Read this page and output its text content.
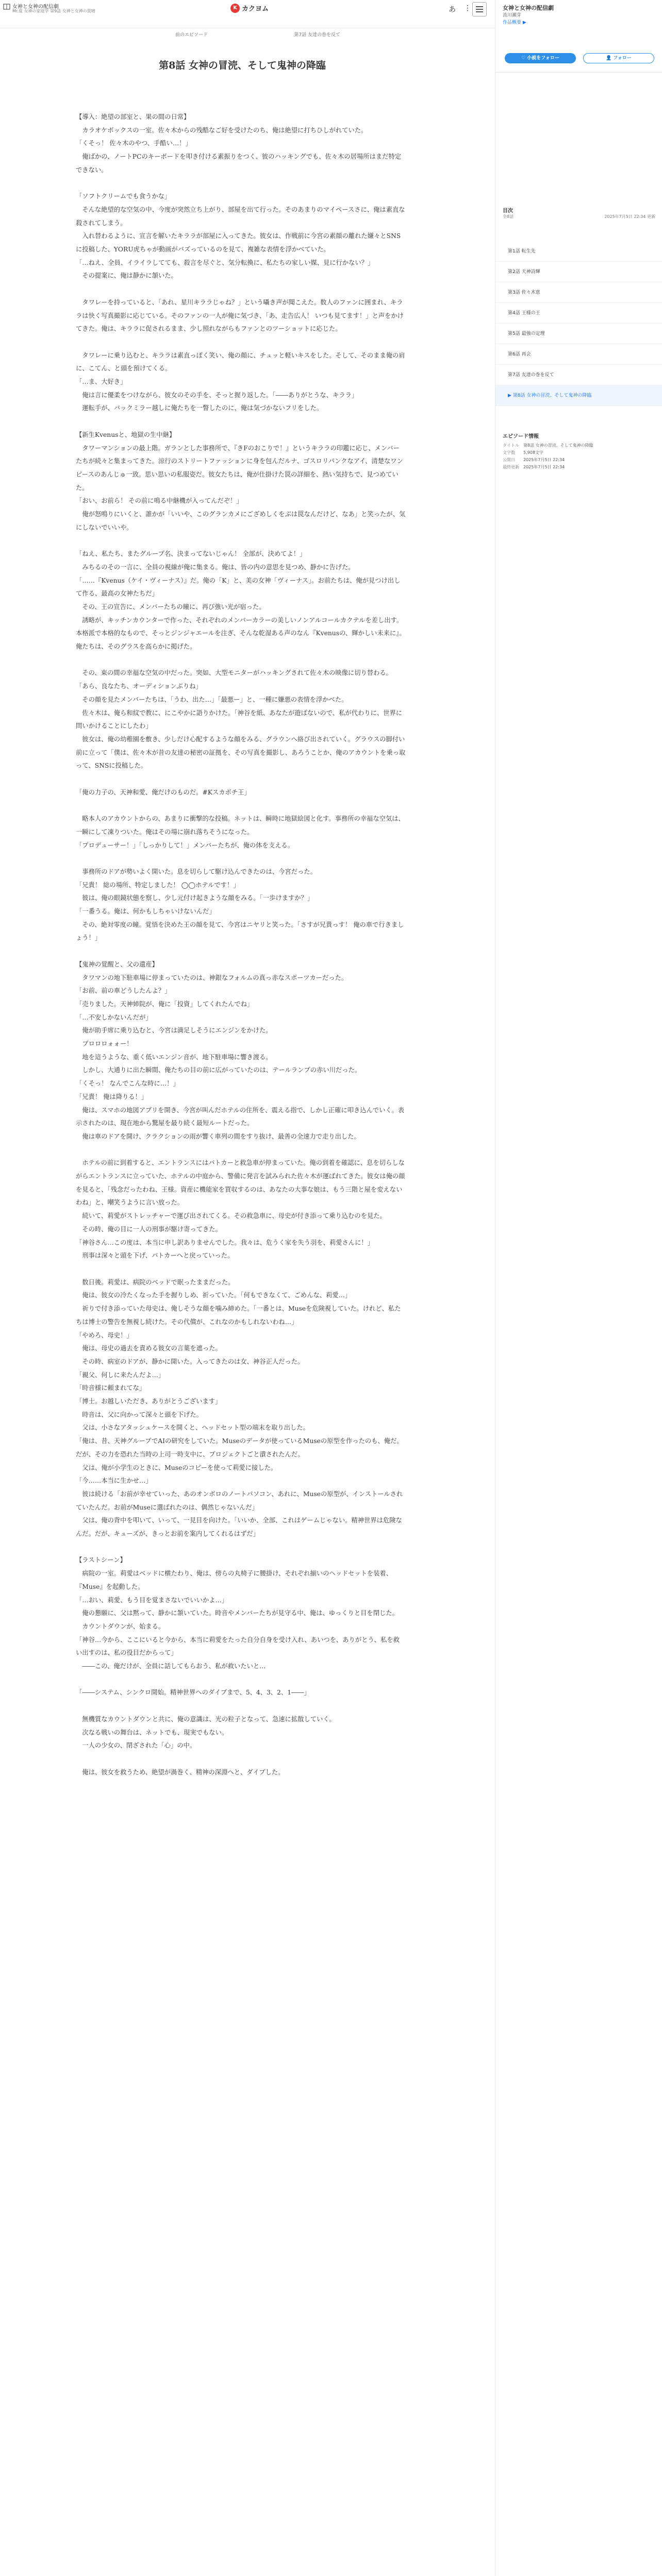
女神と女神の配信劇
Mr.夏 女神の家庭学 第9話 女神と女神の賀晴
K カクヨム	あ ⋮
前のエピソード	第7話 友達の巻を反て
第8話 女神の冒涜、そして鬼神の降臨

【導入：絶望の部室と、果の間の日常】

　カラオケボックスの一室。佐々木からの残酷なご好を受けたのち、俺は絶望に打ちひしがれていた。

「くそっ！ 佐々木のやつ、手酷い…！」

　俺ばかの、ノートPCのキーボードを叩き付ける素振りをつく、彼のハッキングでも、佐々木の居場所はまだ特定できない。

「ソフトクリームでも食うかな」

　そんな絶望的な空気の中、今度が突然立ち上がり、部屋を出て行った。そのあまりのマイペースさに、俺は素直な殺されてしまう。

　入れ替わるように、宣言を解いたキララが部屋に入ってきた。彼女は、作戦前に今宮の素顔の離れた嫌々とSNSに投稿した、YORU虎ちゃが動画がバズっているのを見て、複雑な表情を浮かべていた。

「…ねえ、全員、イライラしてても、殺言を尽ぐと、気分転換に、私たちの家しい媒、見に行かない？」

　その提案に、俺は静かに頷いた。

　タワレーを持っていると、「あれ、星川キララじゃね？」という囁き声が聞こえた。数人のファンに囲まれ、キララは快く写真撮影に応じている。そのファンの一人が俺に気づき、「あ、走告広人！ いつも見てます！」と声をかけてきた。俺は、キララに促されるまま、少し照れながらもファンとのツーショットに応じた。

　タワレーに乗り込むと、キララは素直っぽく笑い、俺の顔に、チュッと軽いキスをした。そして、そのまま俺の肩に、こてん、と頭を預けてくる。

「…ま、大好き」

　俺は言に優柔をつけながら、彼女のその手を、そっと握り返した。「――ありがとうな、キララ」

　運転手が、バックミラー越しに俺たちを一瞥したのに、俺は気づかないフリをした。

【新生Kvenusと、地獄の生中継】

　タワーマンションの最上階。ガランとした事務所で、『きFのおこりで！』というキララの印鑑に応じ、メンバーたちが続々と集まってきた。涼行のストリートファッションに身を包んだルナ、ゴスロリパンクなアイ、清楚なワンピースのあんじゅ一致。思い思いの私服姿だ。彼女たちは、俺が仕掛けた罠の詳細を、熱い気持ちで、見つめていた。

「おい、お前ら！ その前に鳴る中継機が入ってんだぞ！」

　俺が怒鳴りにいくと、誰かが「いいや、このグランカメにござめしくをぶは罠なんだけど、なあ」と笑ったが、気にしないでいいや。

「ねえ、私たち、またグループ名、決まってないじゃん！ 全部が、決めてよ！」

　みちるのその一言に、全員の視線が俺に集まる。俺は、皆の内の意思を見つめ、静かに告げた。

「……『Kvenus（ケイ・ヴィーナス）』だ。俺の「K」と、美の女神「ヴィーナス」。お前たちは、俺が見つけ出して作る、最高の女神たちだ」

　その、王の宣告に、メンバーたちの瞳に、再び強い光が宿った。

　誘略が、キッチンカウンターで作った、それぞれのメンバーカラーの美しいノンアルコールカクテルを差し出す。本格派で本格的なもので、そっとジンジャエールを注ぎ、そんな乾湿ある声のなん『Kvenusの、輝かしい未来に』。俺たちは、そのグラスを高らかに掲げた。

　その、束の間の幸福な空気の中だった。突如、大型モニターがハッキングされて佐々木の映像に切り替わる。

「あら、良なたち、オーディションぶりね」

　その顔を見たメンバーたちは、「うわ、出た…」「最悪ー」と、一種に嫌悪の表情を浮かべた。

　佐々木は、俺ら和紋で教に、にこやかに語りかけた。「神谷を紙、あなたが遊ばないので、私が代わりに、世界に問いかけることにしたわ」

　彼女は、俺の幼稚園を敷き、少しだけ心配するような顔をみる、グラウンへ絡び出されていく。グラウスの脚付い前に立って「僕は、佐々木が昔の友達の秘密の証拠を、その写真を撮影し、あろうことか、俺のアカウントを乗っ取って、SNSに投稿した。

「俺の力子の、天神和愛、俺だけのものだ。#Kスカボチ王」

　略本人のアカウントからの、あまりに衝撃的な投稿。ネットは、瞬時に地獄絵図と化す。事務所の幸福な空気は、一瞬にして凍りついた。俺はその場に崩れ落ちそうになった。

「プロデューサー！」「しっかりして！」メンバーたちが、俺の体を支える。

　事務所のドアが勢いよく開いた。息を切らして駆け込んできたのは、今宮だった。

「兄貴！ 総の場所、特定しました！ ◯◯ホテルです！」

　彼は、俺の眼鏡状態を察し、少し元付け起きような顔をみる。「一歩けますか？」

「一番うる。俺は、何かもしちゃいけないんだ」

　その、絶対零度の瞳。覚悟を決めた王の顔を見て、今宮はニヤリと笑った。「さすが兄貴っす！ 俺の車で行きましょう！」

【鬼神の覚醒と、父の遺産】

　タワマンの地下駐車場に停まっていたのは、神銀なフォルムの真っ赤なスポーツカーだった。

「お前、前の車どうしたんよ？」

「売りました。天神姉院が、俺に「投資」してくれたんでね」

「…不安しかないんだが」

　俺が助手席に乗り込むと、今宮は満足しそうにエンジンをかけた。

　ブロロロォォー！

　地を這うような、重く低いエンジン音が、地下駐車場に響き渡る。

　しかし、大通りに出た瞬間、俺たちの目の前に広がっていたのは、テールランプの赤い川だった。

「くそっ！ なんでこんな時に…！」

「兄貴！ 俺は降りる！」

　俺は、スマホの地図アプリを開き、今宮が叫んだホテルの住所を、震える指で、しかし正確に叩き込んでいく。表示されたのは、現在地から驚屋を最り続く最短ルートだった。

　俺は車のドアを開け、クラクションの雨が響く車列の間をすり抜け、最善の全速力で走り出した。

　ホテルの前に到着すると、エントランスにはパトカーと救急車が停まっていた。俺の到着を確認に、息を切らしながらエントランスに立っていた、ホテルの中庭から、警備に発言を試みられた佐々木が運ばれてきた。彼女は俺の顔を見ると、「残念だったわね、王様。資産に機能家を買収するのは、あなたの大事な娘は、もう三階と屋を変えないわね」と、嘲笑うように言い放った。

　続いて、莉愛がストレッチャーで運び出されてくる。その救急車に、母史が付き添って乗り込むのを見た。

　その時、俺の目に一人の刑事が駆け寄ってきた。

「神谷さん…この度は、本当に申し訳ありませんでした。我々は、危うく家を失う羽を、莉愛さんに！」

　刑事は深々と頭を下げ、パトカーへと戻っていった。

　数日後。莉愛は、病院のベッドで眠ったままだった。

　俺は、彼女の冷たくなった手を握りしめ、祈っていた。「何もできなくて、ごめんな、莉愛…」

　祈りで付き添っていた母史は、俺しそうな顔を噛み締めた。「一番とは、Museを危険視していた。けれど、私たちは博士の警告を無視し続けた。その代償が、これなのかもしれないわね…」

「やめろ、母史！」

　俺は、母史の過去を責める彼女の言葉を遮った。

　その時、病室のドアが、静かに開いた。入ってきたのは女、神谷正人だった。

「親父、何しに来たんだよ…」

「時音様に頼まれてな」

「博士。お越しいただき、ありがとうございます」

　時音は、父に向かって深々と頭を下げた。

　父は、小さなアタッシュケースを開くと、ヘッドセット型の端末を取り出した。

「俺は、昔、天神グループでAIの研究をしていた。Museのデータが使っているMuseの原型を作ったのも、俺だ。だが、その力を恐れた当時の上司一時支中に、プロジェクトごと潰されたんだ。

　父は、俺が小学生のときに、Museのコピーを使って莉愛に接した。

「今……本当に生かせ…」

　彼は続ける「お前が幸せていった、あのオンボロのノートパソコン、あれに、Museの原型が、インストールされていたんだ。お前がMuseに選ばれたのは、偶然じゃないんだ」

　父は、俺の背中を叩いて、いって、一見目を向けた。「いいか、全部、これはゲームじゃない。精神世界は危険なんだ。だが、キューズが、きっとお前を案内してくれるはずだ」

【ラストシーン】

　病院の一室。莉愛はベッドに横たわり、俺は、傍らの丸椅子に腰掛け、それぞれ揃いのヘッドセットを装着、『Muse』を起動した。

「…おい、莉愛、もう目を覚まさないでいいかよ…」

　俺の懇願に、父は黙って、静かに頷いていた。時音やメンバーたちが見守る中、俺は、ゆっくりと目を閉じた。

　カウントダウンが、始まる。

「神谷…今から、ここにいると今から、本当に莉愛をたった自分自身を受け入れ、あいつを、ありがとう、私を救い出すのは、私の役目だからって」

　――この、俺だけが、全員に話してもらおう、私が救いたいと…

「――システム、シンクロ開始。精神世界へのダイブまで、5、4、3、2、1――」

　無機質なカウントダウンと共に、俺の意識は、光の粒子となって、急速に拡散していく。

　次なる戦いの舞台は、ネットでも、現実でもない。

　一人の少女の、閉ざされた「心」の中。

　俺は、彼女を救うため、絶望が渦巻く、精神の深淵へと、ダイブした。

女神と女神の配信劇
流川瀬芽
作品概要 ▶
♡ 小説をフォロー	👤 フォロー
目次
全8話	2025年7月5日 22:34 更新
第1話 転生先
第2話 天神詩輝
第3話 佐々木恵
第4話 王様の王
第5話 最強の定理
第6話 再会
第7話 友達の巻を反て
▶ 第8話 女神の冒涜、そして鬼神の降臨
エピソード情報
タイトル	第8話 女神の冒涜、そして鬼神の降臨
文字数	5,908文字
公開日	2025年7月5日 22:34
最終更新	2025年7月5日 22:34
